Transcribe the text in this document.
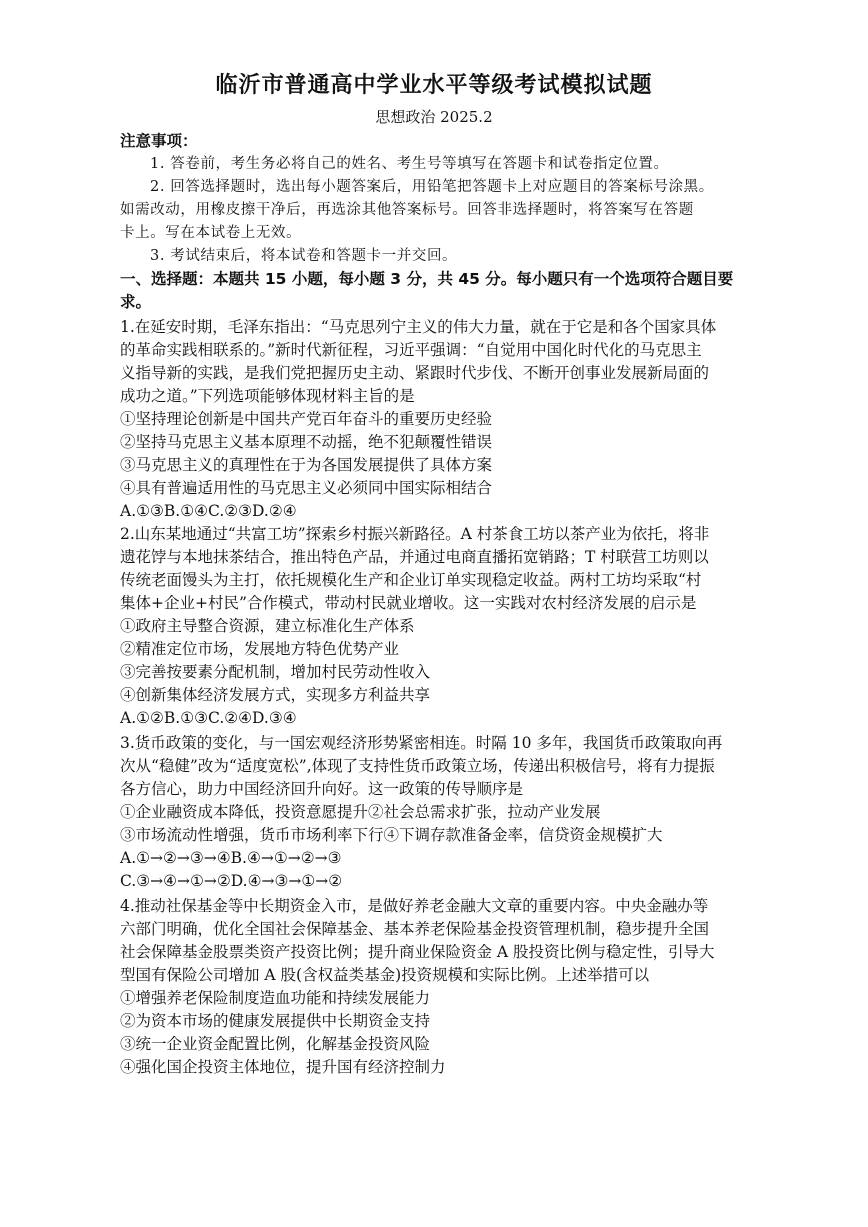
临沂市普通高中学业水平等级考试模拟试题
思想政治 2025.2
注意事项：
1. 答卷前，考生务必将自己的姓名、考生号等填写在答题卡和试卷指定位置。
2. 回答选择题时，选出每小题答案后，用铅笔把答题卡上对应题目的答案标号涂黑。
如需改动，用橡皮擦干净后，再选涂其他答案标号。回答非选择题时，将答案写在答题
卡上。写在本试卷上无效。
3. 考试结束后，将本试卷和答题卡一并交回。
一、选择题：本题共 15 小题，每小题 3 分，共 45 分。每小题只有一个选项符合题目要
求。
1.在延安时期，毛泽东指出：“马克思列宁主义的伟大力量，就在于它是和各个国家具体
的革命实践相联系的。”新时代新征程，习近平强调：“自觉用中国化时代化的马克思主
义指导新的实践，是我们党把握历史主动、紧跟时代步伐、不断开创事业发展新局面的
成功之道。”下列选项能够体现材料主旨的是
①坚持理论创新是中国共产党百年奋斗的重要历史经验
②坚持马克思主义基本原理不动摇，绝不犯颠覆性错误
③马克思主义的真理性在于为各国发展提供了具体方案
④具有普遍适用性的马克思主义必须同中国实际相结合
A.①③B.①④C.②③D.②④
2.山东某地通过“共富工坊”探索乡村振兴新路径。A 村茶食工坊以茶产业为依托，将非
遗花饽与本地抹茶结合，推出特色产品，并通过电商直播拓宽销路；T 村联营工坊则以
传统老面馒头为主打，依托规模化生产和企业订单实现稳定收益。两村工坊均采取“村
集体+企业+村民”合作模式，带动村民就业增收。这一实践对农村经济发展的启示是
①政府主导整合资源，建立标准化生产体系
②精准定位市场，发展地方特色优势产业
③完善按要素分配机制，增加村民劳动性收入
④创新集体经济发展方式，实现多方利益共享
A.①②B.①③C.②④D.③④
3.货币政策的变化，与一国宏观经济形势紧密相连。时隔 10 多年，我国货币政策取向再
次从“稳健”改为“适度宽松”,体现了支持性货币政策立场，传递出积极信号，将有力提振
各方信心，助力中国经济回升向好。这一政策的传导顺序是
①企业融资成本降低，投资意愿提升②社会总需求扩张，拉动产业发展
③市场流动性增强，货币市场利率下行④下调存款准备金率，信贷资金规模扩大
A.①→②→③→④B.④→①→②→③
C.③→④→①→②D.④→③→①→②
4.推动社保基金等中长期资金入市，是做好养老金融大文章的重要内容。中央金融办等
六部门明确，优化全国社会保障基金、基本养老保险基金投资管理机制，稳步提升全国
社会保障基金股票类资产投资比例；提升商业保险资金 A 股投资比例与稳定性，引导大
型国有保险公司增加 A 股(含权益类基金)投资规模和实际比例。上述举措可以
①增强养老保险制度造血功能和持续发展能力
②为资本市场的健康发展提供中长期资金支持
③统一企业资金配置比例，化解基金投资风险
④强化国企投资主体地位，提升国有经济控制力
